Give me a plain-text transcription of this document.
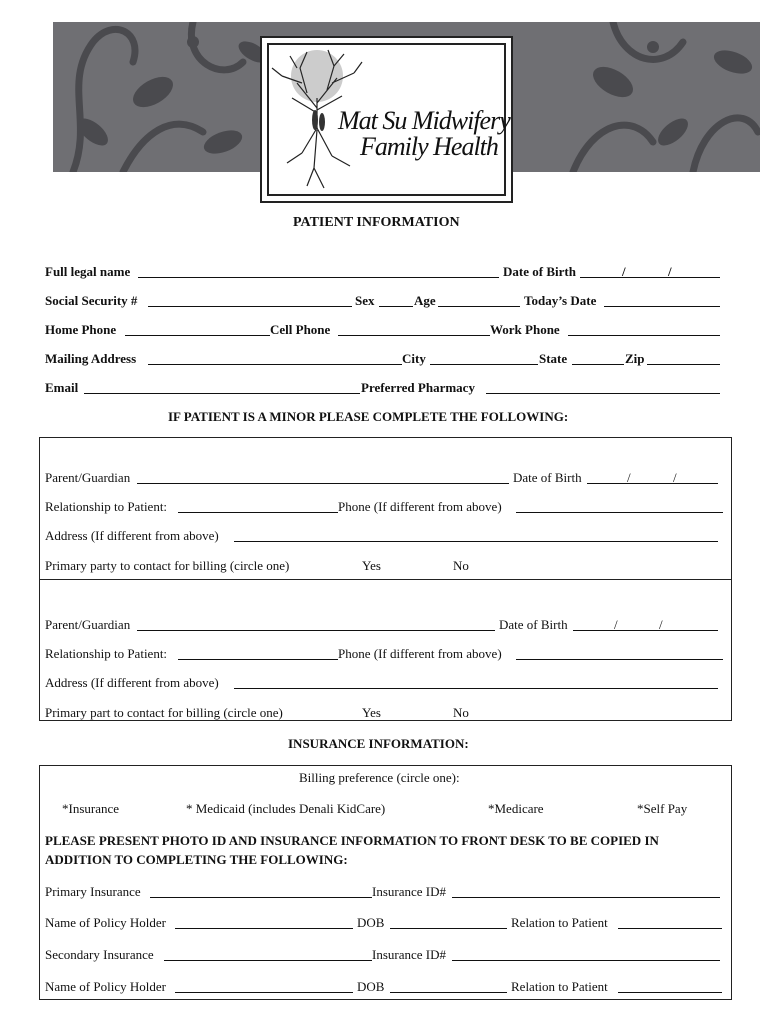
Mat Su Midwifery
Family Health
PATIENT INFORMATION
Full legal name	Date of Birth	/	/
Social Security #	Sex	Age	Today’s Date
Home Phone	Cell Phone	Work Phone
Mailing Address	City	State	Zip
Email	Preferred Pharmacy
IF PATIENT IS A MINOR PLEASE COMPLETE THE FOLLOWING:
Parent/Guardian	Date of Birth	/	/
Relationship to Patient:	Phone (If different from above)
Address (If different from above)
Primary party to contact for billing (circle one)	Yes	No
Parent/Guardian	Date of Birth	/	/
Relationship to Patient:	Phone (If different from above)
Address (If different from above)
Primary part to contact for billing (circle one)	Yes	No
INSURANCE INFORMATION:
Billing preference (circle one):
*Insurance	* Medicaid (includes Denali KidCare)	*Medicare	*Self Pay
PLEASE PRESENT PHOTO ID AND INSURANCE INFORMATION TO FRONT DESK TO BE COPIED IN
ADDITION TO COMPLETING THE FOLLOWING:
Primary Insurance	Insurance ID#
Name of Policy Holder	DOB	Relation to Patient
Secondary Insurance	Insurance ID#
Name of Policy Holder	DOB	Relation to Patient
